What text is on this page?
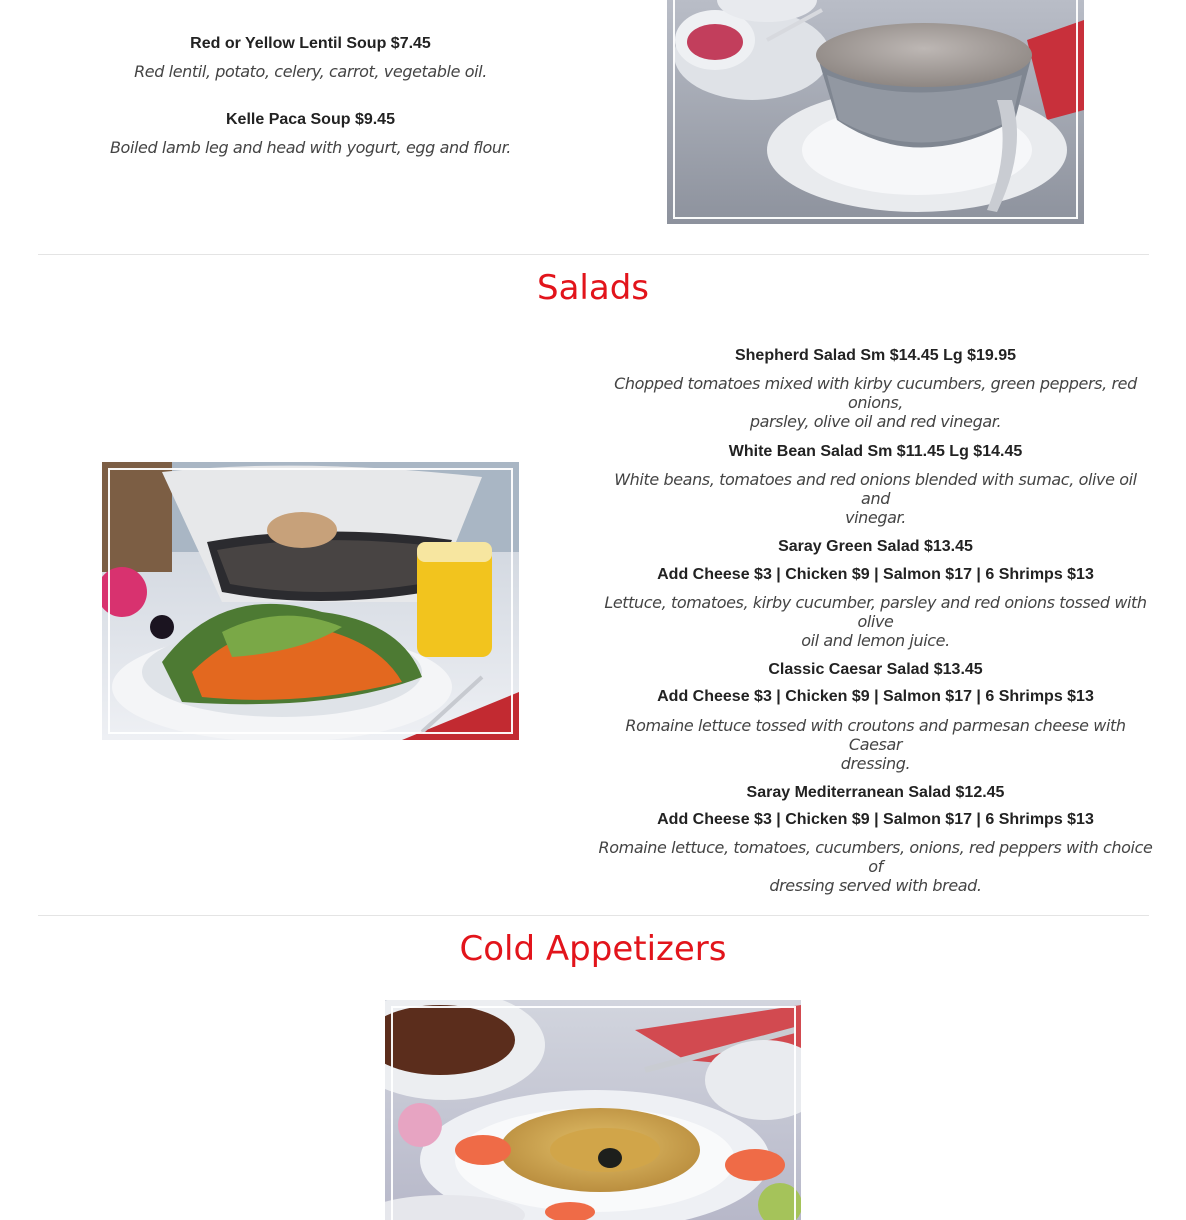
Red or Yellow Lentil Soup $7.45
Red lentil, potato, celery, carrot, vegetable oil.
Kelle Paca Soup $9.45
Boiled lamb leg and head with yogurt, egg and flour.
Salads
Shepherd Salad Sm $14.45 Lg $19.95
Chopped tomatoes mixed with kirby cucumbers, green peppers, red onions,
parsley, olive oil and red vinegar.
White Bean Salad Sm $11.45 Lg $14.45
White beans, tomatoes and red onions blended with sumac, olive oil and
vinegar.
Saray Green Salad $13.45
Add Cheese $3 | Chicken $9 | Salmon $17 | 6 Shrimps $13
Lettuce, tomatoes, kirby cucumber, parsley and red onions tossed with olive
oil and lemon juice.
Classic Caesar Salad $13.45
Add Cheese $3 | Chicken $9 | Salmon $17 | 6 Shrimps $13
Romaine lettuce tossed with croutons and parmesan cheese with Caesar
dressing.
Saray Mediterranean Salad $12.45
Add Cheese $3 | Chicken $9 | Salmon $17 | 6 Shrimps $13
Romaine lettuce, tomatoes, cucumbers, onions, red peppers with choice of
dressing served with bread.
Cold Appetizers
